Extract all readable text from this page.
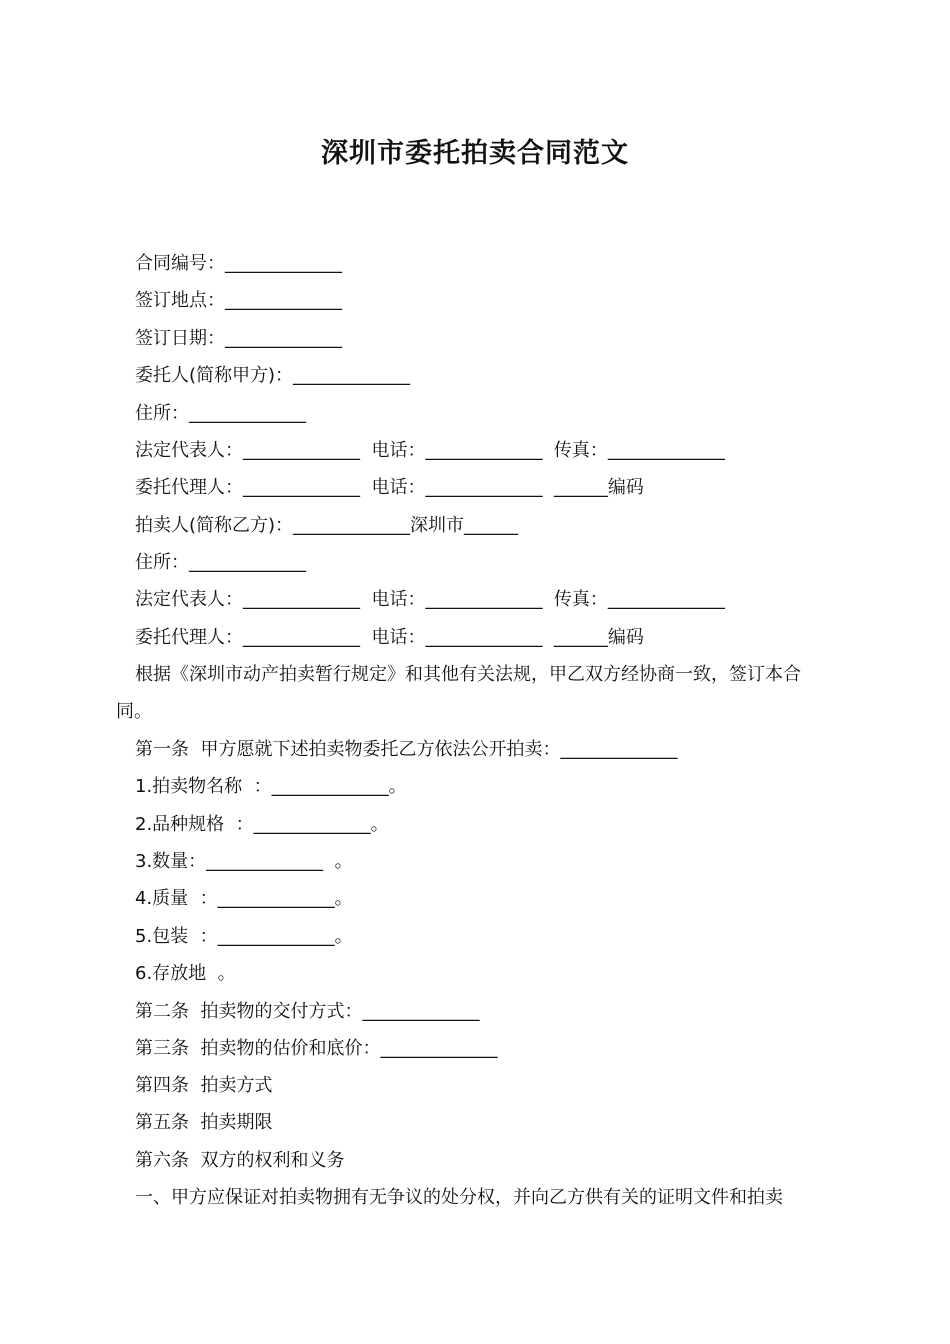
深圳市委托拍卖合同范文
合同编号：_____________
签订地点：_____________
签订日期：_____________
委托人(简称甲方)：_____________
住所：_____________
法定代表人：_____________  电话：_____________  传真：_____________
委托代理人：_____________  电话：_____________  ______编码
拍卖人(简称乙方)：_____________深圳市______
住所：_____________
法定代表人：_____________  电话：_____________  传真：_____________
委托代理人：_____________  电话：_____________  ______编码
根据《深圳市动产拍卖暂行规定》和其他有关法规，甲乙双方经协商一致，签订本合同。
第一条  甲方愿就下述拍卖物委托乙方依法公开拍卖：_____________
1.拍卖物名称  ：_____________。
2.品种规格  ：_____________。
3.数量：_____________  。
4.质量  ：_____________。
5.包装  ：_____________。
6.存放地  。
第二条  拍卖物的交付方式：_____________
第三条  拍卖物的估价和底价：_____________
第四条  拍卖方式
第五条  拍卖期限
第六条  双方的权利和义务
一、甲方应保证对拍卖物拥有无争议的处分权，并向乙方供有关的证明文件和拍卖
